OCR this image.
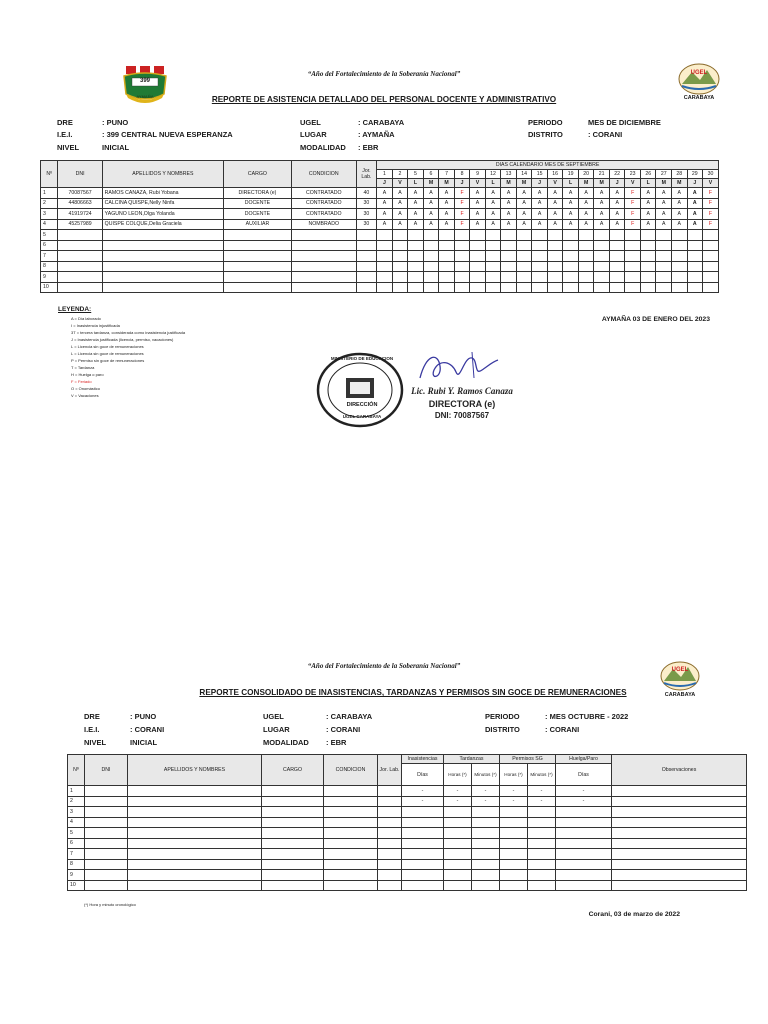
399
AYMAÑA
UGEL
CARABAYA
“Año del Fortalecimiento de la Soberanía Nacional”
REPORTE DE ASISTENCIA DETALLADO DEL PERSONAL DOCENTE Y ADMINISTRATIVO
DRE	: PUNO
I.E.I.	: 399 CENTRAL NUEVA ESPERANZA
NIVEL	INICIAL
UGEL	: CARABAYA
LUGAR	: AYMAÑA
MODALIDAD : EBR
PERIODO	MES DE DICIEMBRE
DISTRITO	: CORANI
Nº	DNI	APELLIDOS Y NOMBRES	CARGO	CONDICION	Jor. Lab.	DIAS CALENDARIO MES DE SEPTIEMBRE																					
						1	2	5	6	7	8	9	12	13	14	15	16	19	20	21	22	23	26	27	28	29	30
						J	V	L	M	M	J	V	L	M	M	J	V	L	M	M	J	V	L	M	M	J	V
1	70087567	RAMOS CANAZA, Rubi Yobana	DIRECTORA (e)	CONTRATADO	40	A	A	A	A	A	F	A	A	A	A	A	A	A	A	A	A	F	A	A	A	A	F
2	44806663	CALCINA QUISPE,Nelly Ninfa	DOCENTE	CONTRATADO	30	A	A	A	A	A	F	A	A	A	A	A	A	A	A	A	A	F	A	A	A	A	F
3	41919724	YAGUNO LEON,Olga Yolanda	DOCENTE	CONTRATADO	30	A	A	A	A	A	F	A	A	A	A	A	A	A	A	A	A	F	A	A	A	A	F
4	45257989	QUISPE COLQUE,Delia Graciela	AUXILIAR	NOMBRADO	30	A	A	A	A	A	F	A	A	A	A	A	A	A	A	A	A	F	A	A	A	A	F
5																											
6																											
7																											
8																											
9																											
10																											
LEYENDA:
A = Día laborado
I = Inasistencia injustificada
3T = tercera tardanza, considerada como inasistencia justificada
J = Inasistencia justificada (licencia, permiso, vacaciones)
L = Licencia sin goce de remuneraciones
L = Licencia sin goce de remuneraciones
P = Permiso sin goce de remuneraciones
T = Tardanza
H = Huelga o paro
F = Feriado
O = Onomástico
V = Vacaciones
AYMAÑA 03 DE ENERO DEL 2023
MINISTERIO DE EDUCACION
DIRECCIÓN
UGEL CARABAYA
Lic. Rubi Y. Ramos Canaza
DIRECTORA (e)
DNI: 70087567
“Año del Fortalecimiento de la Soberanía Nacional”	UGEL
CARABAYA
REPORTE CONSOLIDADO DE INASISTENCIAS, TARDANZAS Y PERMISOS SIN GOCE DE REMUNERACIONES
DRE	: PUNO
I.E.I.	: CORANI
NIVEL	INICIAL
UGEL	: CARABAYA
LUGAR	: CORANI
MODALIDAD : EBR
PERIODO	: MES OCTUBRE - 2022
DISTRITO	: CORANI
Nº	DNI	APELLIDOS Y NOMBRES	CARGO	CONDICION	Jor. Lab.	Inasistencias	Tardanzas		Permisos SG		Huelga/Paro	Observaciones
						Días	Horas (*)	Minutos (*)	Horas (*)	Minutos (*)	Días	

1						-	-	-	-	-	-	
2						-	-	-	-	-	-	
3												
4												
5												
6												
7												
8												
9												
10												
(*) Hora y minuto cronológico
Corani, 03 de marzo de 2022
